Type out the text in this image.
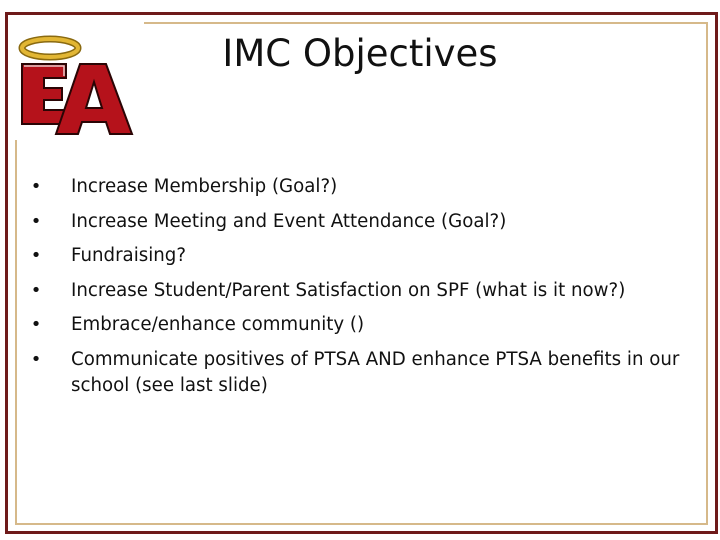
IMC Objectives
• Increase Membership (Goal?)
• Increase Meeting and Event Attendance (Goal?)
• Fundraising?
• Increase Student/Parent Satisfaction on SPF (what is it now?)
• Embrace/enhance community ()
• Communicate positives of PTSA AND enhance PTSA benefits in our school (see last slide)
